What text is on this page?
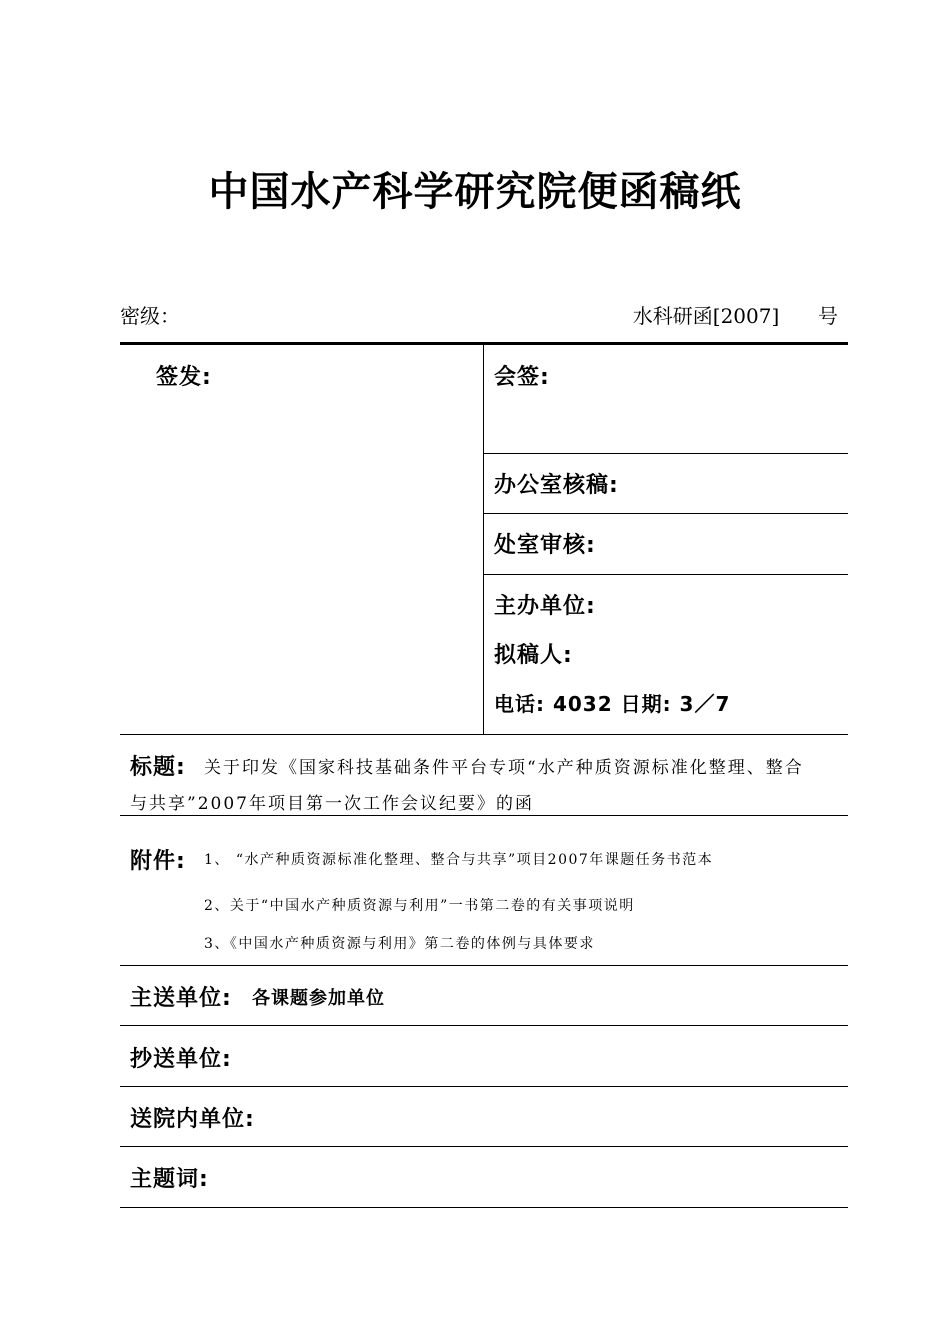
中国水产科学研究院便函稿纸
密级：	水科研函[2007] 号
签发:	会签:
办公室核稿:
处室审核:
主办单位:
拟稿人:
电话: 4032 日期: 3／7
标题: 关于印发《国家科技基础条件平台专项“水产种质资源标准化整理、整合
与共享”2007年项目第一次工作会议纪要》的函
附件: 1、 “水产种质资源标准化整理、整合与共享”项目2007年课题任务书范本
2、关于“中国水产种质资源与利用”一书第二卷的有关事项说明
3、《中国水产种质资源与利用》第二卷的体例与具体要求
主送单位: 各课题参加单位
抄送单位:
送院内单位:
主题词:
